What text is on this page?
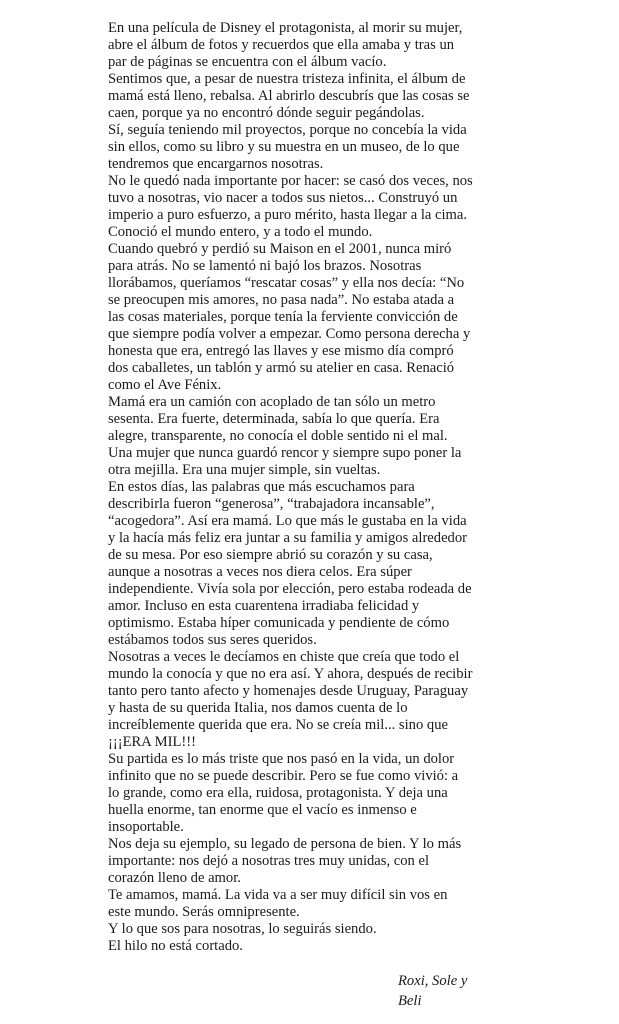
En una película de Disney el protagonista, al morir su mujer,
abre el álbum de fotos y recuerdos que ella amaba y tras un
par de páginas se encuentra con el álbum vacío.
Sentimos que, a pesar de nuestra tristeza infinita, el álbum de
mamá está lleno, rebalsa. Al abrirlo descubrís que las cosas se
caen, porque ya no encontró dónde seguir pegándolas.
Sí, seguía teniendo mil proyectos, porque no concebía la vida
sin ellos, como su libro y su muestra en un museo, de lo que
tendremos que encargarnos nosotras.
No le quedó nada importante por hacer: se casó dos veces, nos
tuvo a nosotras, vio nacer a todos sus nietos... Construyó un
imperio a puro esfuerzo, a puro mérito, hasta llegar a la cima.
Conoció el mundo entero, y a todo el mundo.
Cuando quebró y perdió su Maison en el 2001, nunca miró
para atrás. No se lamentó ni bajó los brazos. Nosotras
llorábamos, queríamos “rescatar cosas” y ella nos decía: “No
se preocupen mis amores, no pasa nada”. No estaba atada a
las cosas materiales, porque tenía la ferviente convicción de
que siempre podía volver a empezar. Como persona derecha y
honesta que era, entregó las llaves y ese mismo día compró
dos caballetes, un tablón y armó su atelier en casa. Renació
como el Ave Fénix.
Mamá era un camión con acoplado de tan sólo un metro
sesenta. Era fuerte, determinada, sabía lo que quería. Era
alegre, transparente, no conocía el doble sentido ni el mal.
Una mujer que nunca guardó rencor y siempre supo poner la
otra mejilla. Era una mujer simple, sin vueltas.
En estos días, las palabras que más escuchamos para
describirla fueron “generosa”, “trabajadora incansable”,
“acogedora”. Así era mamá. Lo que más le gustaba en la vida
y la hacía más feliz era juntar a su familia y amigos alrededor
de su mesa. Por eso siempre abrió su corazón y su casa,
aunque a nosotras a veces nos diera celos. Era súper
independiente. Vivía sola por elección, pero estaba rodeada de
amor. Incluso en esta cuarentena irradiaba felicidad y
optimismo. Estaba híper comunicada y pendiente de cómo
estábamos todos sus seres queridos.
Nosotras a veces le decíamos en chiste que creía que todo el
mundo la conocía y que no era así. Y ahora, después de recibir
tanto pero tanto afecto y homenajes desde Uruguay, Paraguay
y hasta de su querida Italia, nos damos cuenta de lo
increíblemente querida que era. No se creía mil... sino que
¡¡¡ERA MIL!!!
Su partida es lo más triste que nos pasó en la vida, un dolor
infinito que no se puede describir. Pero se fue como vivió: a
lo grande, como era ella, ruidosa, protagonista. Y deja una
huella enorme, tan enorme que el vacío es inmenso e
insoportable.
Nos deja su ejemplo, su legado de persona de bien. Y lo más
importante: nos dejó a nosotras tres muy unidas, con el
corazón lleno de amor.
Te amamos, mamá. La vida va a ser muy difícil sin vos en
este mundo. Serás omnipresente.
Y lo que sos para nosotras, lo seguirás siendo.
El hilo no está cortado.
Roxi, Sole y
Beli
